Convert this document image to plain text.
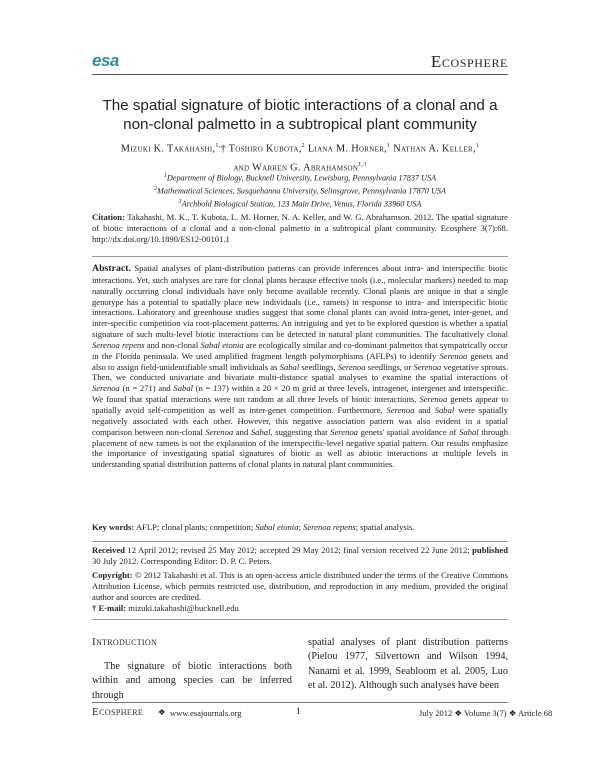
esa	Ecosphere
The spatial signature of biotic interactions of a clonal and a non-clonal palmetto in a subtropical plant community
Mizuki K. Takahashi,$^{1,}$† Toshiro Kubota,$^2$ Liana M. Horner,$^1$ Nathan A. Keller,$^1$
and Warren G. Abrahamson$^{1,3}$
$^1$Department of Biology, Bucknell University, Lewisburg, Pennsylvania 17837 USA
$^2$Mathematical Sciences, Susquehanna University, Selinsgrove, Pennsylvania 17870 USA
$^3$Archbold Biological Station, 123 Main Drive, Venus, Florida 33960 USA
Citation: Takahashi, M. K., T. Kubota, L. M. Horner, N. A. Keller, and W. G. Abrahamson. 2012. The spatial signature of biotic interactions of a clonal and a non-clonal palmetto in a subtropical plant community. Ecosphere 3(7):68. http://dx.doi.org/10.1890/ES12-00101.1
Abstract. Spatial analyses of plant-distribution patterns can provide inferences about intra- and interspecific biotic interactions. Yet, such analyses are rare for clonal plants because effective tools (i.e., molecular markers) needed to map naturally occurring clonal individuals have only become available recently. Clonal plants are unique in that a single genotype has a potential to spatially place new individuals (i.e., ramets) in response to intra- and interspecific biotic interactions. Laboratory and greenhouse studies suggest that some clonal plants can avoid intra-genet, inter-genet, and inter-specific competition via root-placement patterns. An intriguing and yet to be explored question is whether a spatial signature of such multi-level biotic interactions can be detected in natural plant communities. The facultatively clonal Serenoa repens and non-clonal Sabal etonia are ecologically similar and co-dominant palmettos that sympatrically occur in the Florida peninsula. We used amplified fragment length polymorphisms (AFLPs) to identify Serenoa genets and also to assign field-unidentifiable small individuals as Sabal seedlings, Serenoa seedlings, or Serenoa vegetative sprouts. Then, we conducted univariate and bivariate multi-distance spatial analyses to examine the spatial interactions of Serenoa (n = 271) and Sabal (n = 137) within a 20 × 20 m grid at three levels, intragenet, intergenet and interspecific. We found that spatial interactions were not random at all three levels of biotic interactions. Serenoa genets appear to spatially avoid self-competition as well as inter-genet competition. Furthermore, Serenoa and Sabal were spatially negatively associated with each other. However, this negative association pattern was also evident in a spatial comparison between non-clonal Serenoa and Sabal, suggesting that Serenoa genets' spatial avoidance of Sabal through placement of new ramets is not the explanation of the interspecific-level negative spatial pattern. Our results emphasize the importance of investigating spatial signatures of biotic as well as abiotic interactions at multiple levels in understanding spatial distribution patterns of clonal plants in natural plant communities.
Key words: AFLP; clonal plants; competition; Sabal etonia; Serenoa repens; spatial analysis.
Received 12 April 2012; revised 25 May 2012; accepted 29 May 2012; final version received 22 June 2012; published 30 July 2012. Corresponding Editor: D. P. C. Peters.
Copyright: © 2012 Takahashi et al. This is an open-access article distributed under the terms of the Creative Commons Attribution License, which permits restricted use, distribution, and reproduction in any medium, provided the original author and sources are credited.
† E-mail: mizuki.takahashi@bucknell.edu
Introduction
The signature of biotic interactions both within and among species can be inferred through
spatial analyses of plant distribution patterns (Pielou 1977, Silvertown and Wilson 1994, Nanami et al. 1999, Seabloom et al. 2005, Luo et al. 2012). Although such analyses have been
Ecosphere ❖ www.esajournals.org	1	July 2012 ❖ Volume 3(7) ❖ Article 68
